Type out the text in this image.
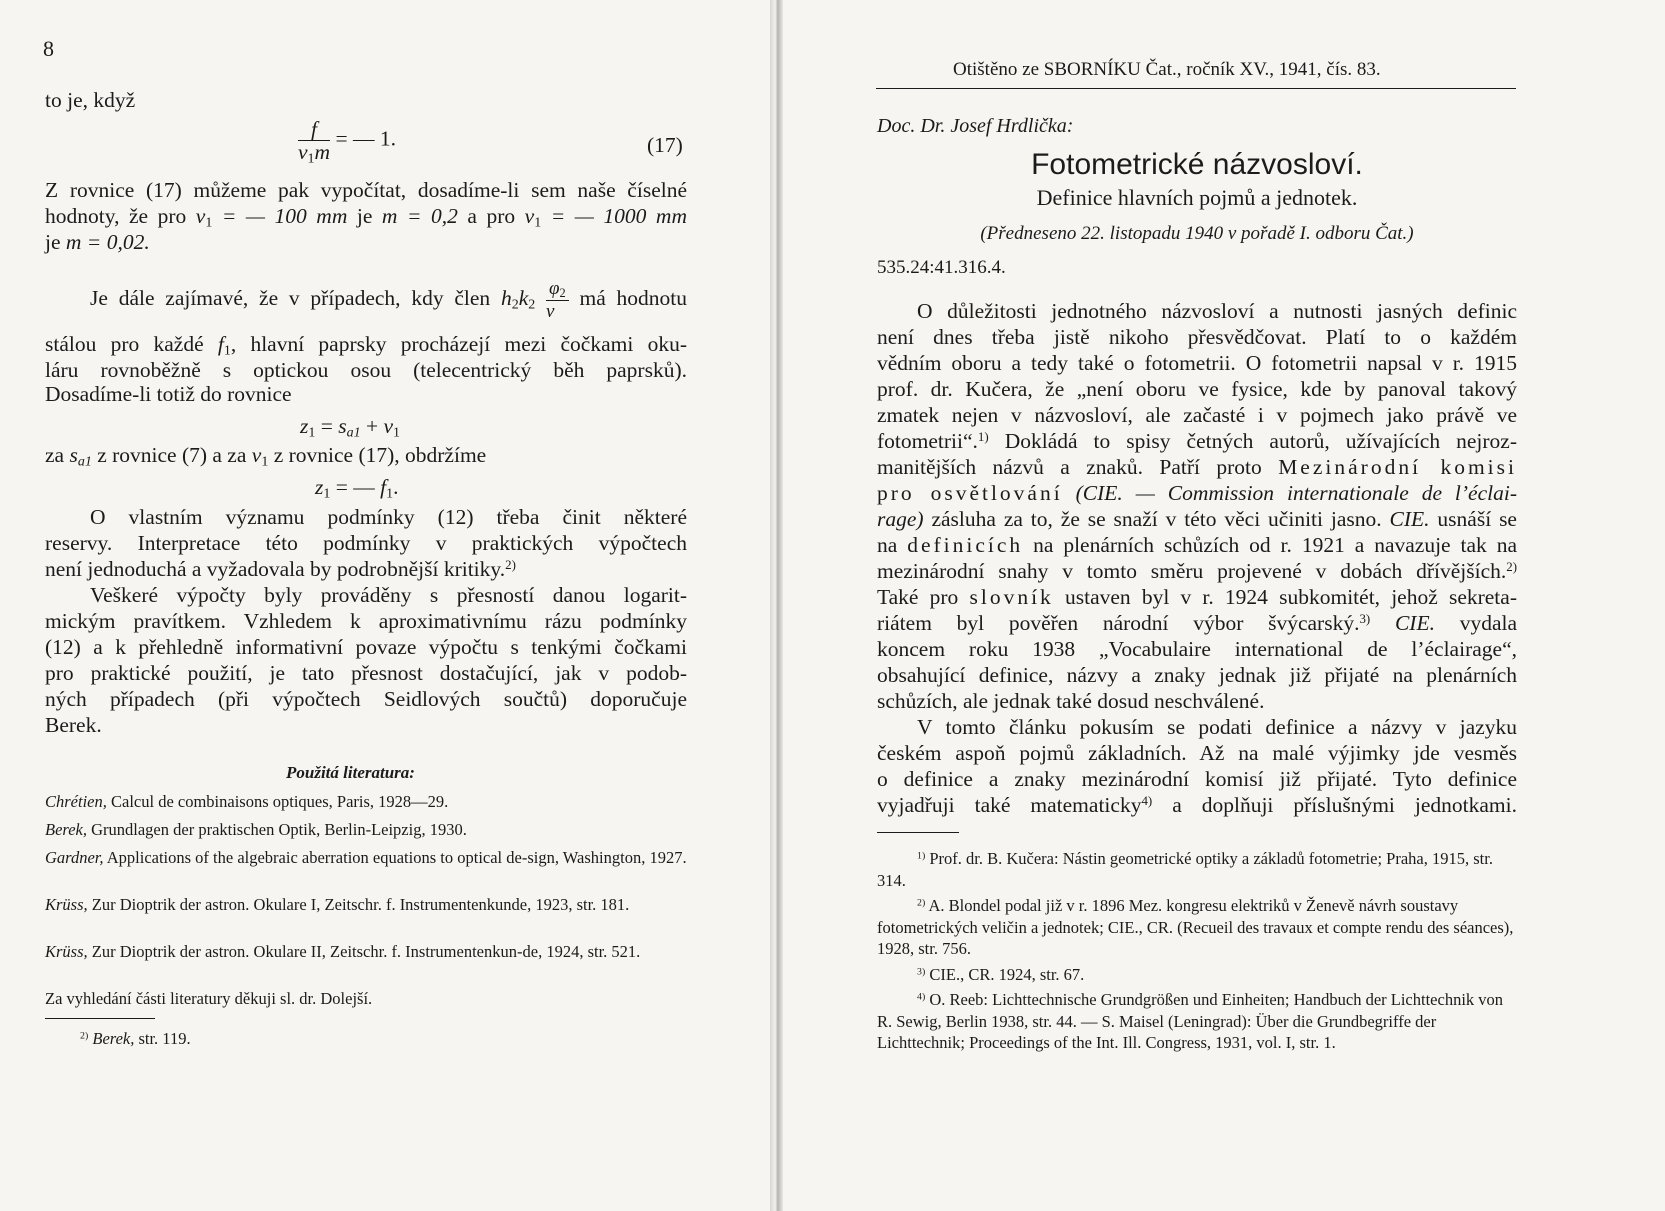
8
to je, když
$\frac{f}{v_1m}$ = — 1.	(17)
Z rovnice (17) můžeme pak vypočítat, dosadíme-li sem naše číselné
hodnoty, že pro $v_1$ = — 100 mm je m = 0,2 a pro $v_1$ = — 1000 mm
je m = 0,02.
Je dále zajímavé, že v případech, kdy člen $h_2k_2 \frac{\varphi_2}{\nu}$ má hodnotu
stálou pro každé $f_1$, hlavní paprsky procházejí mezi čočkami oku-
láru rovnoběžně s optickou osou (telecentrický běh paprsků).
Dosadíme-li totiž do rovnice
$z_1 = s_{a1} + v_1$
za $s_{a1}$ z rovnice (7) a za $v_1$ z rovnice (17), obdržíme
$z_1$ = — $f_1$.
O vlastním významu podmínky (12) třeba činit některé
reservy. Interpretace této podmínky v praktických výpočtech
není jednoduchá a vyžadovala by podrobnější kritiky.$^{2)}$
Veškeré výpočty byly prováděny s přesností danou logarit-
mickým pravítkem. Vzhledem k aproximativnímu rázu podmínky
(12) a k přehledně informativní povaze výpočtu s tenkými čočkami
pro praktické použití, je tato přesnost dostačující, jak v podob-
ných případech (při výpočtech Seidlových součtů) doporučuje
Berek.
Použitá literatura:
Chrétien, Calcul de combinaisons optiques, Paris, 1928—29.
Berek, Grundlagen der praktischen Optik, Berlin-Leipzig, 1930.
Gardner, Applications of the algebraic aberration equations to optical de-sign, Washington, 1927.
Krüss, Zur Dioptrik der astron. Okulare I, Zeitschr. f. Instrumentenkunde, 1923, str. 181.
Krüss, Zur Dioptrik der astron. Okulare II, Zeitschr. f. Instrumentenkun-de, 1924, str. 521.
Za vyhledání části literatury děkuji sl. dr. Dolejší.
$^{2)}$ Berek, str. 119.
Otištěno ze SBORNÍKU Čat., ročník XV., 1941, čís. 83.
Doc. Dr. Josef Hrdlička:
Fotometrické názvosloví.
Definice hlavních pojmů a jednotek.
(Předneseno 22. listopadu 1940 v pořadě I. odboru Čat.)
535.24:41.316.4.
O důležitosti jednotného názvosloví a nutnosti jasných definic
není dnes třeba jistě nikoho přesvědčovat. Platí to o každém
vědním oboru a tedy také o fotometrii. O fotometrii napsal v r. 1915
prof. dr. Kučera, že „není oboru ve fysice, kde by panoval takový
zmatek nejen v názvosloví, ale začasté i v pojmech jako právě ve
fotometrii“.$^{1)}$ Dokládá to spisy četných autorů, užívajících nejroz-
manitějších názvů a znaků. Patří proto Mezinárodní komisi
pro osvětlování (CIE. — Commission internationale de l’éclai-
rage) zásluha za to, že se snaží v této věci učiniti jasno. CIE. usnáší se
na definicích na plenárních schůzích od r. 1921 a navazuje tak na
mezinárodní snahy v tomto směru projevené v dobách dřívějších.$^{2)}$
Také pro slovník ustaven byl v r. 1924 subkomitét, jehož sekreta-
riátem byl pověřen národní výbor švýcarský.$^{3)}$ CIE. vydala
koncem roku 1938 „Vocabulaire international de l’éclairage“,
obsahující definice, názvy a znaky jednak již přijaté na plenárních
schůzích, ale jednak také dosud neschválené.
V tomto článku pokusím se podati definice a názvy v jazyku
českém aspoň pojmů základních. Až na malé výjimky jde vesměs
o definice a znaky mezinárodní komisí již přijaté. Tyto definice
vyjadřuji také matematicky$^{4)}$ a doplňuji příslušnými jednotkami.
$^{1)}$ Prof. dr. B. Kučera: Nástin geometrické optiky a základů fotometrie; Praha, 1915, str. 314.
$^{2)}$ A. Blondel podal již v r. 1896 Mez. kongresu elektriků v Ženevě návrh soustavy fotometrických veličin a jednotek; CIE., CR. (Recueil des travaux et compte rendu des séances), 1928, str. 756.
$^{3)}$ CIE., CR. 1924, str. 67.
$^{4)}$ O. Reeb: Lichttechnische Grundgrößen und Einheiten; Handbuch der Lichttechnik von R. Sewig, Berlin 1938, str. 44. — S. Maisel (Leningrad): Über die Grundbegriffe der Lichttechnik; Proceedings of the Int. Ill. Congress, 1931, vol. I, str. 1.
